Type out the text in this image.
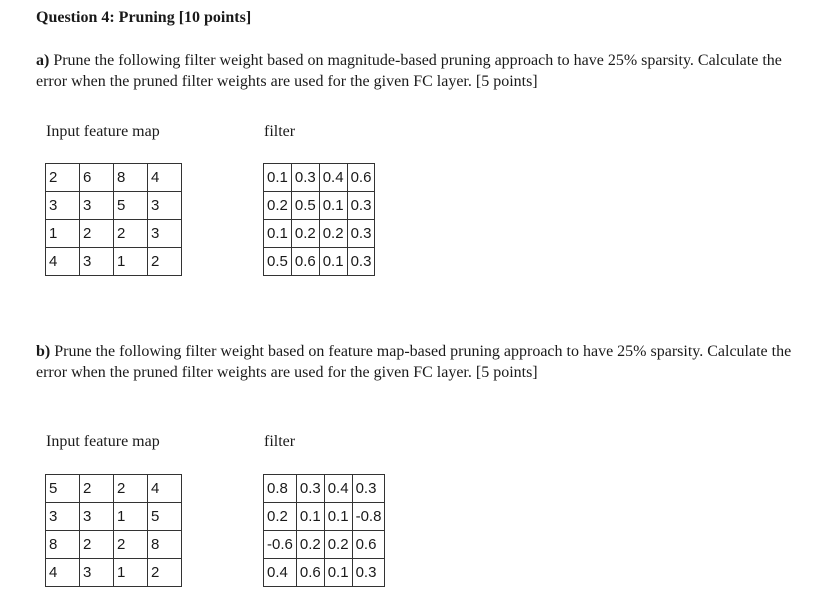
Question 4: Pruning [10 points]
a) Prune the following filter weight based on magnitude-based pruning approach to have 25% sparsity. Calculate the error when the pruned filter weights are used for the given FC layer. [5 points]
Input feature map	filter
2	6	8	4
3	3	5	3
1	2	2	3
4	3	1	2
0.1	0.3	0.4	0.6
0.2	0.5	0.1	0.3
0.1	0.2	0.2	0.3
0.5	0.6	0.1	0.3
b) Prune the following filter weight based on feature map-based pruning approach to have 25% sparsity. Calculate the error when the pruned filter weights are used for the given FC layer. [5 points]
Input feature map	filter
5	2	2	4
3	3	1	5
8	2	2	8
4	3	1	2
0.8	0.3	0.4	0.3
0.2	0.1	0.1	-0.8
-0.6	0.2	0.2	0.6
0.4	0.6	0.1	0.3
